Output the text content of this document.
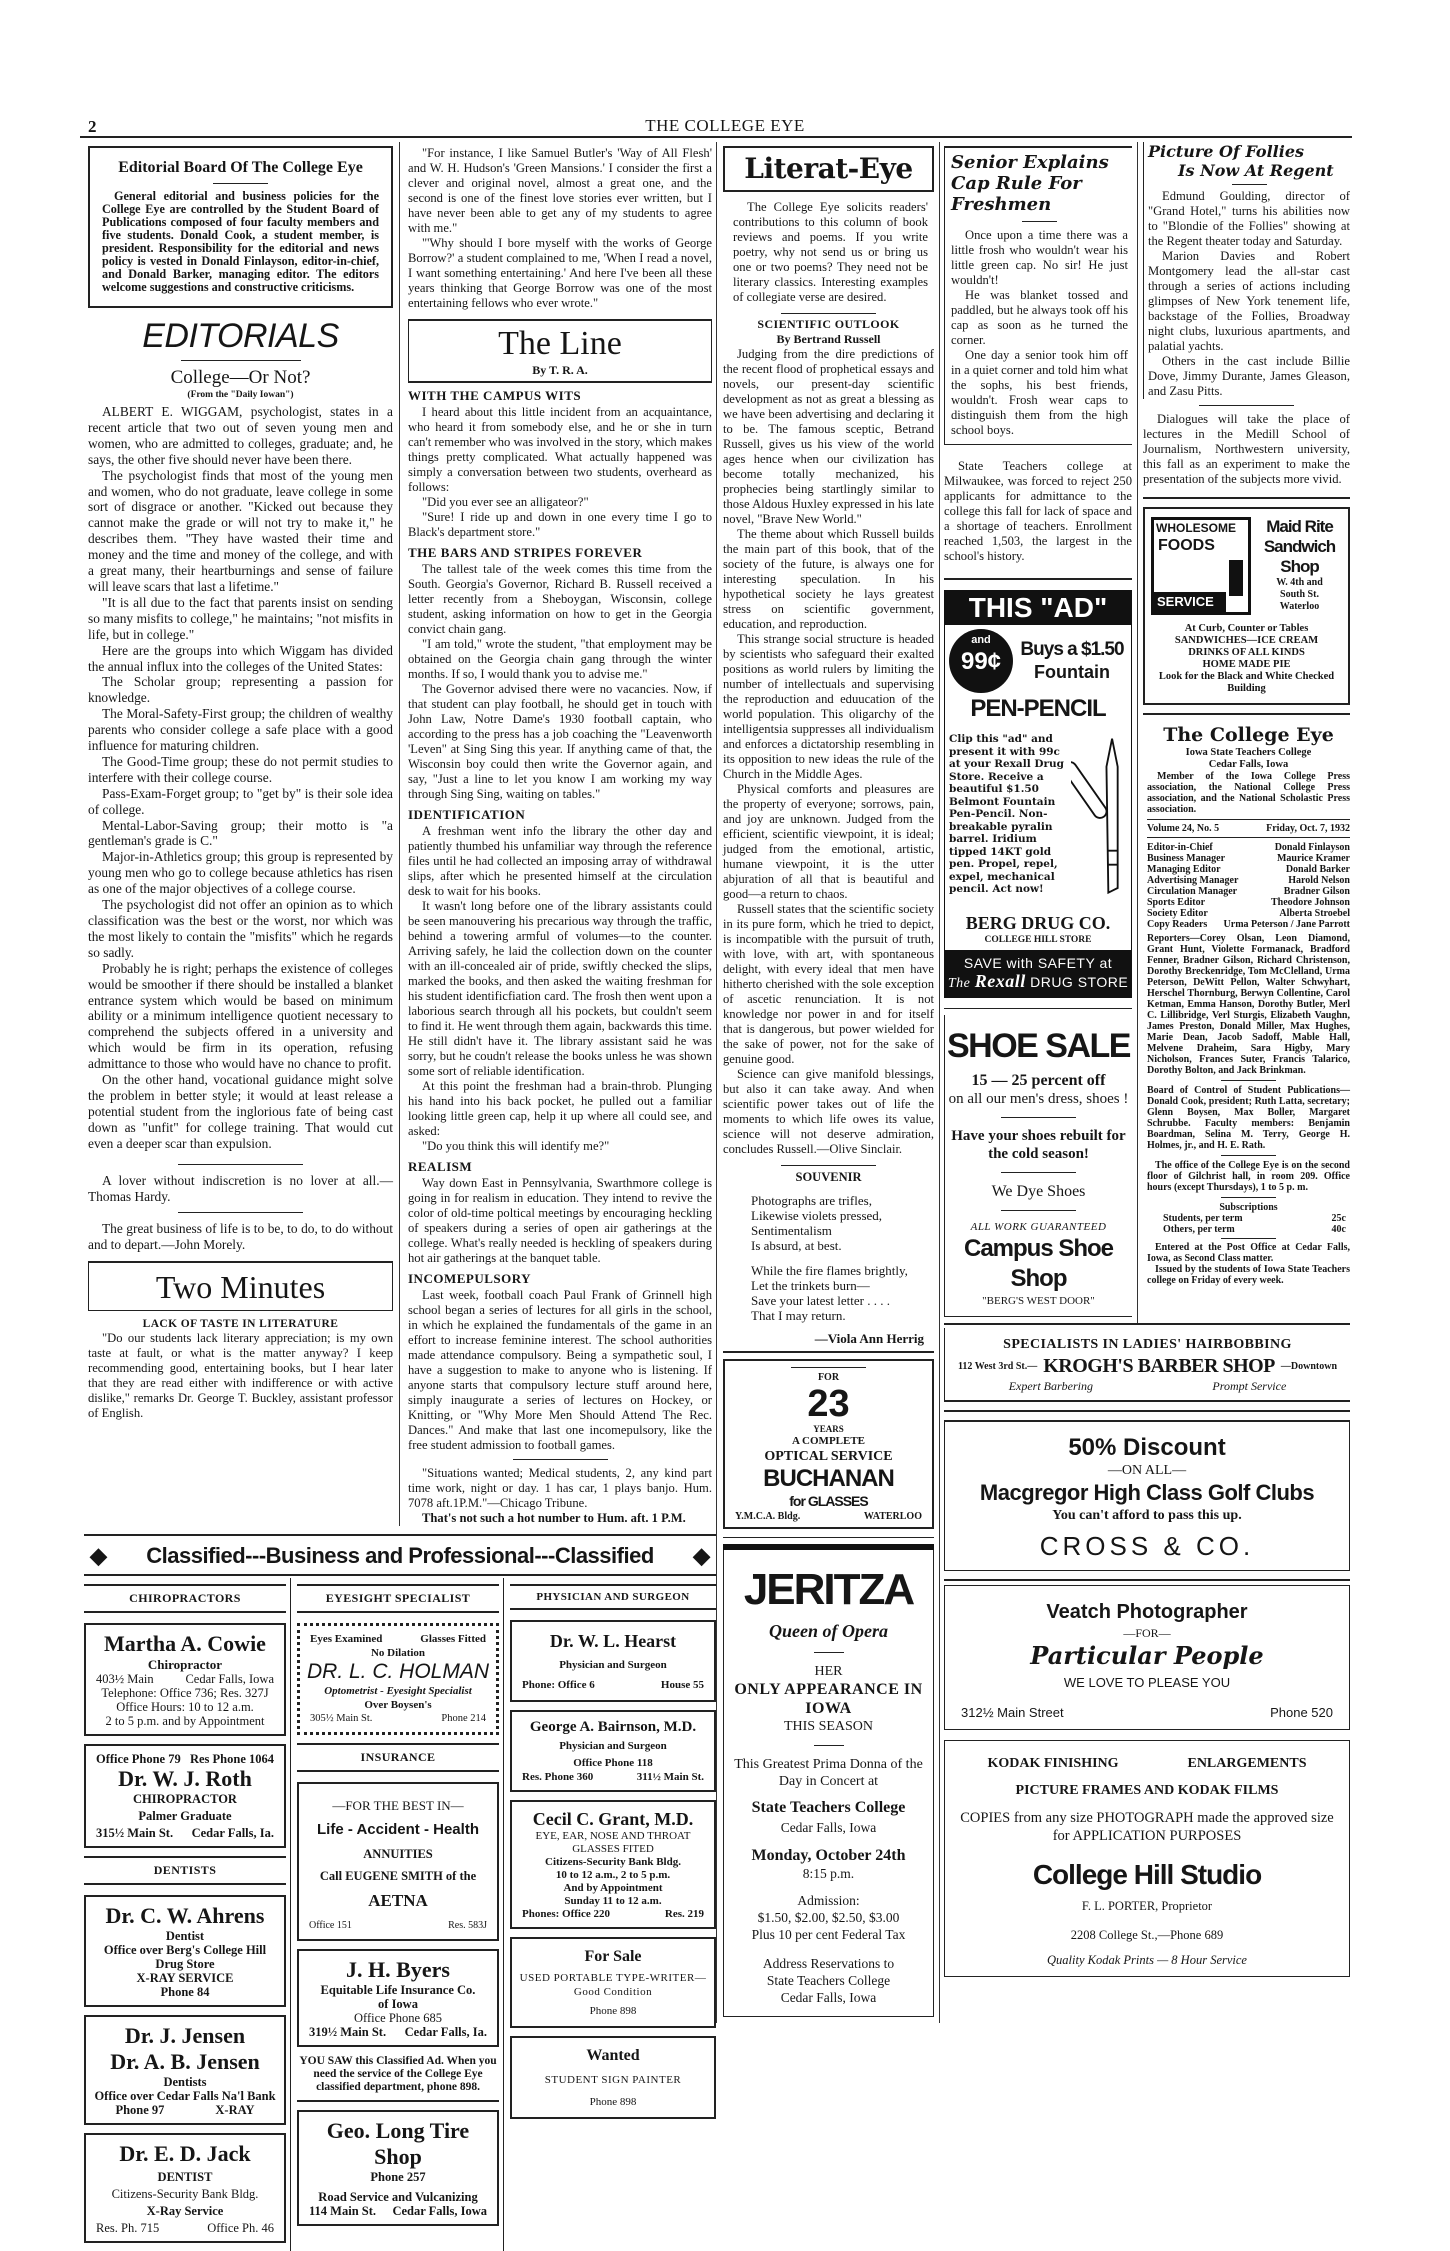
2	THE COLLEGE EYE
Editorial Board Of The College Eye
General editorial and business policies for the College Eye are controlled by the Student Board of Publications composed of four faculty members and five students. Donald Cook, a student member, is president. Responsibility for the editorial and news policy is vested in Donald Finlayson, editor-in-chief, and Donald Barker, managing editor. The editors welcome suggestions and constructive criticisms.
EDITORIALS
College—Or Not?
(From the "Daily Iowan")

ALBERT E. WIGGAM, psychologist, states in a recent article that two out of seven young men and women, who are admitted to colleges, graduate; and, he says, the other five should never have been there.

The psychologist finds that most of the young men and women, who do not graduate, leave college in some sort of disgrace or another. "Kicked out because they cannot make the grade or will not try to make it," he describes them. "They have wasted their time and money and the time and money of the college, and with a great many, their heartburnings and sense of failure will leave scars that last a lifetime."

"It is all due to the fact that parents insist on sending so many misfits to college," he maintains; "not misfits in life, but in college."

Here are the groups into which Wiggam has divided the annual influx into the colleges of the United States:

The Scholar group; representing a passion for knowledge.

The Moral-Safety-First group; the children of wealthy parents who consider college a safe place with a good influence for maturing children.

The Good-Time group; these do not permit studies to interfere with their college course.

Pass-Exam-Forget group; to "get by" is their sole idea of college.

Mental-Labor-Saving group; their motto is "a gentleman's grade is C."

Major-in-Athletics group; this group is represented by young men who go to college because athletics has risen as one of the major objectives of a college course.

The psychologist did not offer an opinion as to which classification was the best or the worst, nor which was the most likely to contain the "misfits" which he regards so sadly.

Probably he is right; perhaps the existence of colleges would be smoother if there should be installed a blanket entrance system which would be based on minimum ability or a minimum intelligence quotient necessary to comprehend the subjects offered in a university and which would be firm in its operation, refusing admittance to those who would have no chance to profit.

On the other hand, vocational guidance might solve the problem in better style; it would at least release a potential student from the inglorious fate of being cast down as "unfit" for college training. That would cut even a deeper scar than expulsion.

A lover without indiscretion is no lover at all.—Thomas Hardy.

The great business of life is to be, to do, to do without and to depart.—John Morely.

Two Minutes
LACK OF TASTE IN LITERATURE

"Do our students lack literary appreciation; is my own taste at fault, or what is the matter anyway? I keep recommending good, entertaining books, but I hear later that they are read either with indifference or with active dislike," remarks Dr. George T. Buckley, assistant professor of English.

"For instance, I like Samuel Butler's 'Way of All Flesh' and W. H. Hudson's 'Green Mansions.' I consider the first a clever and original novel, almost a great one, and the second is one of the finest love stories ever written, but I have never been able to get any of my students to agree with me."

"'Why should I bore myself with the works of George Borrow?' a student complained to me, 'When I read a novel, I want something entertaining.' And here I've been all these years thinking that George Borrow was one of the most entertaining fellows who ever wrote."

The Line
By T. R. A.
WITH THE CAMPUS WITS

I heard about this little incident from an acquaintance, who heard it from somebody else, and he or she in turn can't remember who was involved in the story, which makes things pretty complicated. What actually happened was simply a conversation between two students, overheard as follows:

"Did you ever see an alligateor?"

"Sure! I ride up and down in one every time I go to Black's department store."

THE BARS AND STRIPES FOREVER

The tallest tale of the week comes this time from the South. Georgia's Governor, Richard B. Russell received a letter recently from a Sheboygan, Wisconsin, college student, asking information on how to get in the Georgia convict chain gang.

"I am told," wrote the student, "that employment may be obtained on the Georgia chain gang through the winter months. If so, I would thank you to advise me."

The Governor advised there were no vacancies. Now, if that student can play football, he should get in touch with John Law, Notre Dame's 1930 football captain, who according to the press has a job coaching the "Leavenworth 'Leven" at Sing Sing this year. If anything came of that, the Wisconsin boy could then write the Governor again, and say, "Just a line to let you know I am working my way through Sing Sing, waiting on tables."

IDENTIFICATION

A freshman went info the library the other day and patiently thumbed his unfamiliar way through the reference files until he had collected an imposing array of withdrawal slips, after which he presented himself at the circulation desk to wait for his books.

It wasn't long before one of the library assistants could be seen manouvering his precarious way through the traffic, behind a towering armful of volumes—to the counter. Arriving safely, he laid the collection down on the counter with an ill-concealed air of pride, swiftly checked the slips, marked the books, and then asked the waiting freshman for his student identificfiation card. The frosh then went upon a laborious search through all his pockets, but couldn't seem to find it. He went through them again, backwards this time. He still didn't have it. The library assistant said he was sorry, but he coudn't release the books unless he was shown some sort of reliable identification.

At this point the freshman had a brain-throb. Plunging his hand into his back pocket, he pulled out a familiar looking little green cap, help it up where all could see, and asked:

"Do you think this will identify me?"

REALISM

Way down East in Pennsylvania, Swarthmore college is going in for realism in education. They intend to revive the color of old-time poltical meetings by encouraging heckling of speakers during a series of open air gatherings at the college. What's really needed is heckling of speakers during hot air gatherings at the banquet table.

INCOMEPULSORY

Last week, football coach Paul Frank of Grinnell high school began a series of lectures for all girls in the school, in which he explained the fundamentals of the game in an effort to increase feminine interest. The school authorities made attendance compulsory. Being a sympathetic soul, I have a suggestion to make to anyone who is listening. If anyone starts that compulsory lecture stuff around here, simply inaugurate a series of lectures on Hockey, or Knitting, or "Why More Men Should Attend The Rec. Dances." And make that last one incomepulsory, like the free student admission to football games.

"Situations wanted; Medical students, 2, any kind part time work, night or day. 1 has car, 1 plays banjo. Hum. 7078 aft.1P.M."—Chicago Tribune.

That's not such a hot number to Hum. aft. 1 P.M.

◆	Classified---Business and Professional---Classified	◆
CHIROPRACTORS
Martha A. Cowie
Chiropractor
403½ Main	Cedar Falls, Iowa
Telephone: Office 736; Res. 327J
Office Hours: 10 to 12 a.m.
2 to 5 p.m. and by Appointment
Office Phone 79 Res Phone 1064
Dr. W. J. Roth
CHIROPRACTOR
Palmer Graduate
315½ Main St. Cedar Falls, Ia.
DENTISTS
Dr. C. W. Ahrens
Dentist
Office over Berg's College Hill Drug Store
X-RAY SERVICE
Phone 84
Dr. J. Jensen
Dr. A. B. Jensen
Dentists
Office over Cedar Falls Na'l Bank
Phone 97	X-RAY
Dr. E. D. Jack
DENTIST
Citizens-Security Bank Bldg.
X-Ray Service
Res. Ph. 715	Office Ph. 46
EYESIGHT SPECIALIST
Eyes Examined	Glasses Fitted
No Dilation
DR. L. C. HOLMAN
Optometrist - Eyesight Specialist
Over Boysen's
305½ Main St.	Phone 214
INSURANCE
—FOR THE BEST IN—
Life - Accident - Health
ANNUITIES
Call EUGENE SMITH of the
AETNA
Office 151	Res. 583J
J. H. Byers
Equitable Life Insurance Co.
of Iowa
Office Phone 685
319½ Main St. Cedar Falls, Ia.
YOU SAW this Classified Ad. When you need the service of the College Eye classified department, phone 898.
Geo. Long Tire Shop
Phone 257
Road Service and Vulcanizing
114 Main St. Cedar Falls, Iowa
PHYSICIAN AND SURGEON
Dr. W. L. Hearst
Physician and Surgeon
Phone: Office 6	House 55
George A. Bairnson, M.D.
Physician and Surgeon
Office Phone 118
Res. Phone 360	311½ Main St.
Cecil C. Grant, M.D.
EYE, EAR, NOSE AND THROAT
GLASSES FITED
Citizens-Security Bank Bldg.
10 to 12 a.m., 2 to 5 p.m.
And by Appointment
Sunday 11 to 12 a.m.
Phones: Office 220	Res. 219
For Sale
USED PORTABLE TYPE-WRITER—Good Condition
Phone 898
Wanted
STUDENT SIGN PAINTER
Phone 898
Literat-Eye

The College Eye solicits readers' contributions to this column of book reviews and poems. If you write poetry, why not send us or bring us one or two poems? They need not be literary classics. Interesting examples of collegiate verse are desired.

SCIENTIFIC OUTLOOK
By Bertrand Russell

Judging from the dire predictions of the recent flood of prophetical essays and novels, our present-day scientific development as not as great a blessing as we have been advertising and declaring it to be. The famous sceptic, Betrand Russell, gives us his view of the world ages hence when our civilization has become totally mechanized, his prophecies being startlingly similar to those Aldous Huxley expressed in his late novel, "Brave New World."

The theme about which Russell builds the main part of this book, that of the society of the future, is always one for interesting speculation. In his hypothetical society he lays greatest stress on scientific government, education, and reproduction.

This strange social structure is headed by scientists who safeguard their exalted positions as world rulers by limiting the number of intellectuals and supervising the reproduction and eduucation of the world population. This oligarchy of the intelligentsia suppresses all individualism and enforces a dictatorship resembling in its opposition to new ideas the rule of the Church in the Middle Ages.

Physical comforts and pleasures are the property of everyone; sorrows, pain, and joy are unknown. Judged from the efficient, scientific viewpoint, it is ideal; judged from the emotional, artistic, humane viewpoint, it is the utter abjuration of all that is beautiful and good—a return to chaos.

Russell states that the scientific society in its pure form, which he tried to depict, is incompatible with the pursuit of truth, with love, with art, with spontaneous delight, with every ideal that men have hitherto cherished with the sole exception of ascetic renunciation. It is not knowledge nor power in and for itself that is dangerous, but power wielded for the sake of power, not for the sake of genuine good.

Science can give manifold blessings, but also it can take away. And when scientific power takes out of life the moments to which life owes its value, science will not deserve admiration, concludes Russell.—Olive Sinclair.

SOUVENIR

Photographs are trifles,

Likewise violets pressed,

Sentimentalism

Is absurd, at best.

While the fire flames brightly,

Let the trinkets burn—

Save your latest letter . . . .

That I may return.

—Viola Ann Herrig
FOR
23
YEARS
A COMPLETE
OPTICAL SERVICE
BUCHANAN
for GLASSES
Y.M.C.A. Bldg.	WATERLOO
JERITZA
Queen of Opera
HER
ONLY APPEARANCE IN IOWA
THIS SEASON
This Greatest Prima Donna of the Day in Concert at
State Teachers College
Cedar Falls, Iowa
Monday, October 24th
8:15 p.m.
Admission:
$1.50, $2.00, $2.50, $3.00
Plus 10 per cent Federal Tax
Address Reservations to
State Teachers College
Cedar Falls, Iowa
Senior Explains Cap Rule For Freshmen

Once upon a time there was a little frosh who wouldn't wear his little green cap. No sir! He just wouldn't!

He was blanket tossed and paddled, but he always took off his cap as soon as he turned the corner.

One day a senior took him off in a quiet corner and told him what the sophs, his best friends, wouldn't. Frosh wear caps to distinguish them from the high school boys.

State Teachers college at Milwaukee, was forced to reject 250 applicants for admittance to the college this fall for lack of space and a shortage of teachers. Enrollment reached 1,503, the largest in the school's history.

THIS "AD"
and
99¢	Buys a $1.50
Fountain
PEN-PENCIL
Clip this "ad" and present it with 99c at your Rexall Drug Store. Receive a beautiful $1.50 Belmont Fountain Pen-Pencil. Non-breakable pyralin barrel. Iridium tipped 14KT gold pen. Propel, repel, expel, mechanical pencil. Act now!
BERG DRUG CO.
COLLEGE HILL STORE
SAVE with SAFETY at
The Rexall DRUG STORE
SHOE SALE
15 — 25 percent off
on all our men's dress, shoes !
Have your shoes rebuilt for the cold season!
We Dye Shoes
ALL WORK GUARANTEED
Campus Shoe Shop
"BERG'S WEST DOOR"
Picture Of Follies
Is Now At Regent

Edmund Goulding, director of "Grand Hotel," turns his abilities now to "Blondie of the Follies" showing at the Regent theater today and Saturday.

Marion Davies and Robert Montgomery lead the all-star cast through a series of actions including glimpses of New York tenement life, backstage of the Follies, Broadway night clubs, luxurious apartments, and palatial yachts.

Others in the cast include Billie Dove, Jimmy Durante, James Gleason, and Zasu Pitts.

Dialogues will take the place of lectures in the Medill School of Journalism, Northwestern university, this fall as an experiment to make the presentation of the subjects more vivid.

WHOLESOME
FOODS
SERVICE
Maid Rite
Sandwich
Shop
W. 4th and
South St.
Waterloo
At Curb, Counter or Tables
SANDWICHES—ICE CREAM
DRINKS OF ALL KINDS
HOME MADE PIE
Look for the Black and White Checked Building
The College Eye
Iowa State Teachers College
Cedar Falls, Iowa
Member of the Iowa College Press association, the National College Press association, and the National Scholastic Press association.
Volume 24, No. 5	Friday, Oct. 7, 1932
Editor-in-Chief	Donald Finlayson
Business Manager	Maurice Kramer
Managing Editor	Donald Barker
Advertising Manager	Harold Nelson
Circulation Manager	Bradner Gilson
Sports Editor	Theodore Johnson
Society Editor	Alberta Stroebel
Copy Readers Urma Peterson / Jane Parrott
Reporters—Corey Olsan, Leon Diamond, Grant Hunt, Violette Formanack, Bradford Fenner, Bradner Gilson, Richard Christenson, Dorothy Breckenridge, Tom McClelland, Urma Peterson, DeWitt Pellon, Walter Schwyhart, Herschel Thornburg, Berwyn Collentine, Carol Ketman, Emma Hanson, Dorothy Butler, Merl C. Lillibridge, Verl Sturgis, Elizabeth Vaughn, James Preston, Donald Miller, Max Hughes, Marie Dean, Jacob Sadoff, Mable Hall, Melvene Draheim, Sara Higby, Mary Nicholson, Frances Suter, Francis Talarico, Dorothy Bolton, and Jack Brinkman.
Board of Control of Student Publications—Donald Cook, president; Ruth Latta, secretary; Glenn Boysen, Max Boller, Margaret Schrubbe. Faculty members: Benjamin Boardman, Selina M. Terry, George H. Holmes, jr., and H. E. Rath.
The office of the College Eye is on the second floor of Gilchrist hall, in room 209. Office hours (except Thursdays), 1 to 5 p. m.
Subscriptions
Students, per term	25c
Others, per term	40c
Entered at the Post Office at Cedar Falls, Iowa, as Second Class matter.
Issued by the students of Iowa State Teachers college on Friday of every week.
SPECIALISTS IN LADIES' HAIRBOBBING
112 West 3rd St.— KROGH'S BARBER SHOP —Downtown
Expert Barbering	Prompt Service
50% Discount
—ON ALL—
Macgregor High Class Golf Clubs
You can't afford to pass this up.
CROSS & CO.
Veatch Photographer
—FOR—
Particular People
WE LOVE TO PLEASE YOU
312½ Main Street	Phone 520
KODAK FINISHING	ENLARGEMENTS
PICTURE FRAMES AND KODAK FILMS
COPIES from any size PHOTOGRAPH made the approved size for APPLICATION PURPOSES
College Hill Studio
F. L. PORTER, Proprietor
2208 College St.,—Phone 689
Quality Kodak Prints — 8 Hour Service
